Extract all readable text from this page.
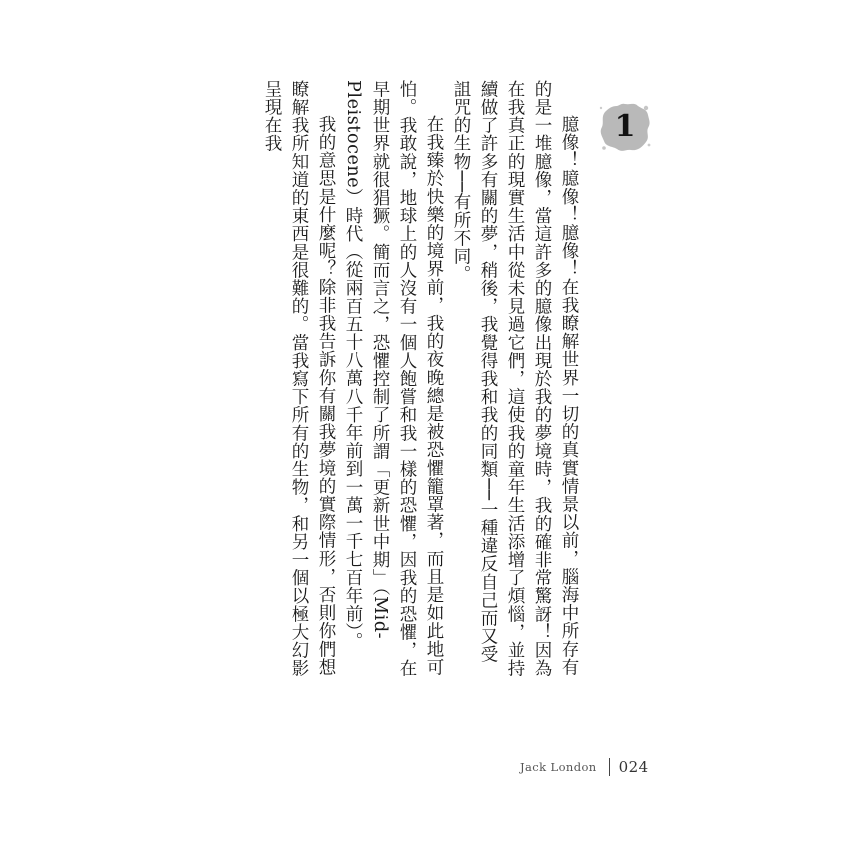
1

臆像！臆像！臆像！在我瞭解世界一切的真實情景以前，腦海中所存有的是一堆臆像，當這許多的臆像出現於我的夢境時，我的確非常驚訝！因為在我真正的現實生活中從未見過它們，這使我的童年生活添增了煩惱，並持續做了許多有關的夢，稍後，我覺得我和我的同類──一種違反自己而又受詛咒的生物──有所不同。

在我臻於快樂的境界前，我的夜晚總是被恐懼籠罩著，而且是如此地可怕。我敢說，地球上的人沒有一個人飽嘗和我一樣的恐懼，因我的恐懼，在早期世界就很猖獗。簡而言之，恐懼控制了所謂「更新世中期」（Mid-Pleistocene）時代（從兩百五十八萬八千年前到一萬一千七百年前）。

我的意思是什麼呢？除非我告訴你有關我夢境的實際情形，否則你們想瞭解我所知道的東西是很難的。當我寫下所有的生物，和另一個以極大幻影呈現在我

Jack London 024
